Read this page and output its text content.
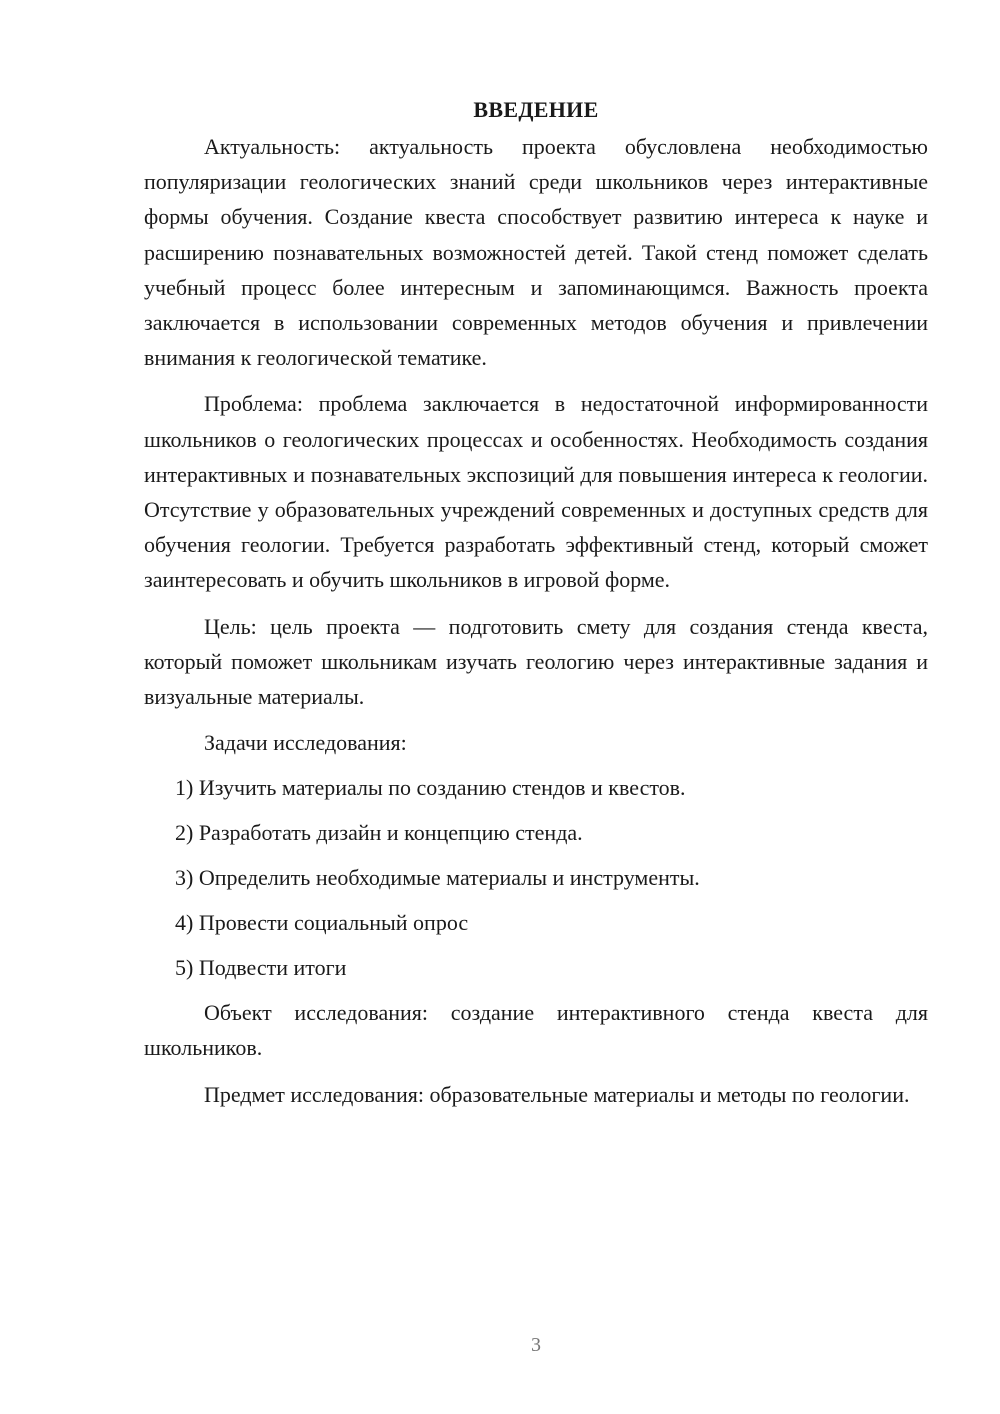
ВВЕДЕНИЕ

Актуальность: актуальность проекта обусловлена необходимостью популяризации геологических знаний среди школьников через интерактивные формы обучения. Создание квеста способствует развитию интереса к науке и расширению познавательных возможностей детей. Такой стенд поможет сделать учебный процесс более интересным и запоминающимся. Важность проекта заключается в использовании современных методов обучения и привлечении внимания к геологической тематике.

Проблема: проблема заключается в недостаточной информированности школьников о геологических процессах и особенностях. Необходимость создания интерактивных и познавательных экспозиций для повышения интереса к геологии. Отсутствие у образовательных учреждений современных и доступных средств для обучения геологии. Требуется разработать эффективный стенд, который сможет заинтересовать и обучить школьников в игровой форме.

Цель: цель проекта — подготовить смету для создания стенда квеста, который поможет школьникам изучать геологию через интерактивные задания и визуальные материалы.

Задачи исследования:

1) Изучить материалы по созданию стендов и квестов.
2) Разработать дизайн и концепцию стенда.
3) Определить необходимые материалы и инструменты.
4) Провести социальный опрос
5) Подвести итоги

Объект исследования: создание интерактивного стенда квеста для школьников.

Предмет исследования: образовательные материалы и методы по геологии.

3
